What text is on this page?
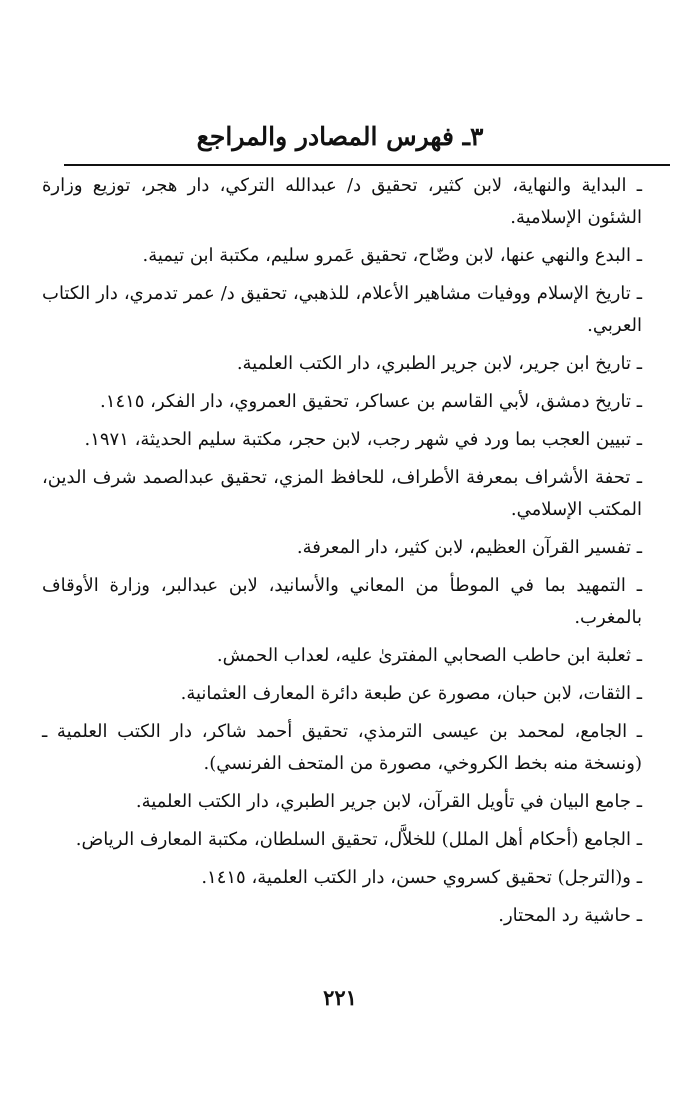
٣ـ فهرس المصادر والمراجع
ـ البداية والنهاية، لابن كثير، تحقيق د/ عبدالله التركي، دار هجر، توزيع وزارة الشئون الإسلامية.
ـ البدع والنهي عنها، لابن وضّاح، تحقيق عَمرو سليم، مكتبة ابن تيمية.
ـ تاريخ الإسلام ووفيات مشاهير الأعلام، للذهبي، تحقيق د/ عمر تدمري، دار الكتاب العربي.
ـ تاريخ ابن جرير، لابن جرير الطبري، دار الكتب العلمية.
ـ تاريخ دمشق، لأبي القاسم بن عساكر، تحقيق العمروي، دار الفكر، ١٤١٥.
ـ تبيين العجب بما ورد في شهر رجب، لابن حجر، مكتبة سليم الحديثة، ١٩٧١.
ـ تحفة الأشراف بمعرفة الأطراف، للحافظ المزي، تحقيق عبدالصمد شرف الدين، المكتب الإسلامي.
ـ تفسير القرآن العظيم، لابن كثير، دار المعرفة.
ـ التمهيد بما في الموطأ من المعاني والأسانيد، لابن عبدالبر، وزارة الأوقاف بالمغرب.
ـ ثعلبة ابن حاطب الصحابي المفترىٰ عليه، لعداب الحمش.
ـ الثقات، لابن حبان، مصورة عن طبعة دائرة المعارف العثمانية.
ـ الجامع، لمحمد بن عيسى الترمذي، تحقيق أحمد شاكر، دار الكتب العلمية ـ (ونسخة منه بخط الكروخي، مصورة من المتحف الفرنسي).
ـ جامع البيان في تأويل القرآن، لابن جرير الطبري، دار الكتب العلمية.
ـ الجامع (أحكام أهل الملل) للخلاَّل، تحقيق السلطان، مكتبة المعارف الرياض.
ـ و(الترجل) تحقيق كسروي حسن، دار الكتب العلمية، ١٤١٥.
ـ حاشية رد المحتار.
٢٢١
